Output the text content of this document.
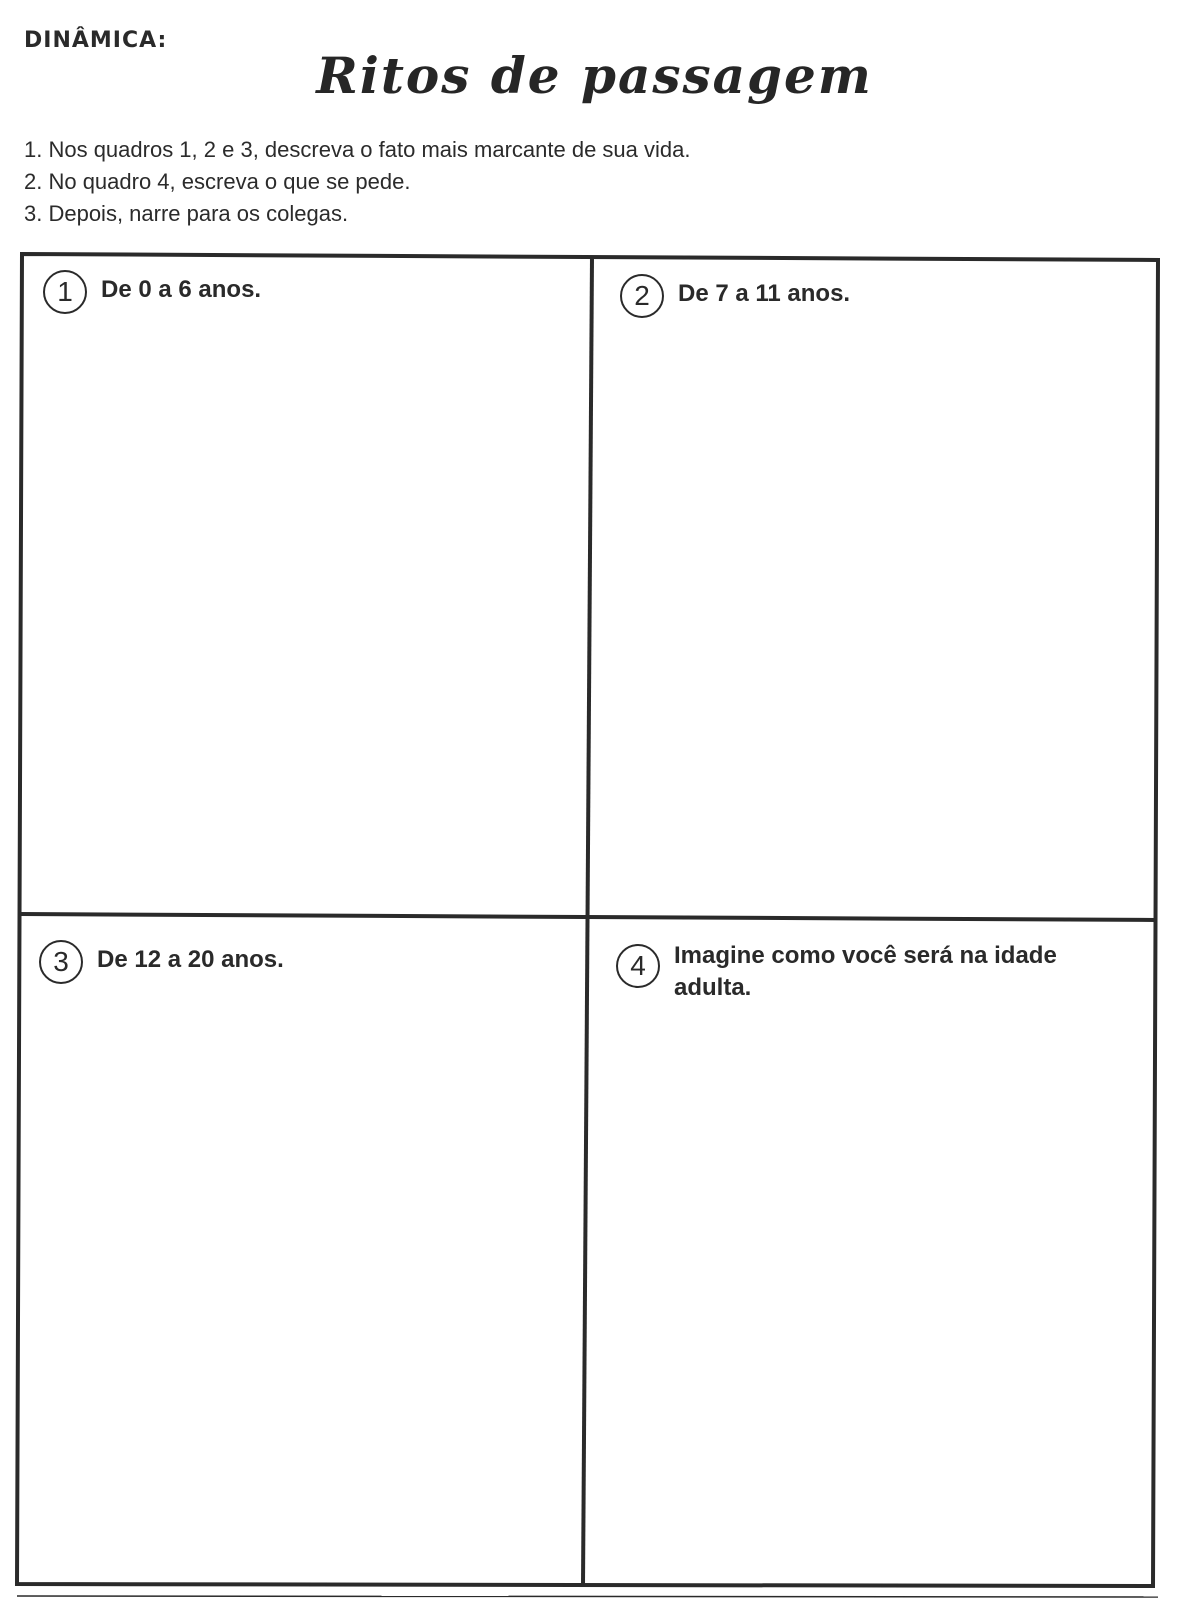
DINÂMICA:
Ritos de passagem
1. Nos quadros 1, 2 e 3, descreva o fato mais marcante de sua vida.
2. No quadro 4, escreva o que se pede.
3. Depois, narre para os colegas.
1	De 0 a 6 anos.	2	De 7 a 11 anos.
3	De 12 a 20 anos.	4	Imagine como você será na idade adulta.
